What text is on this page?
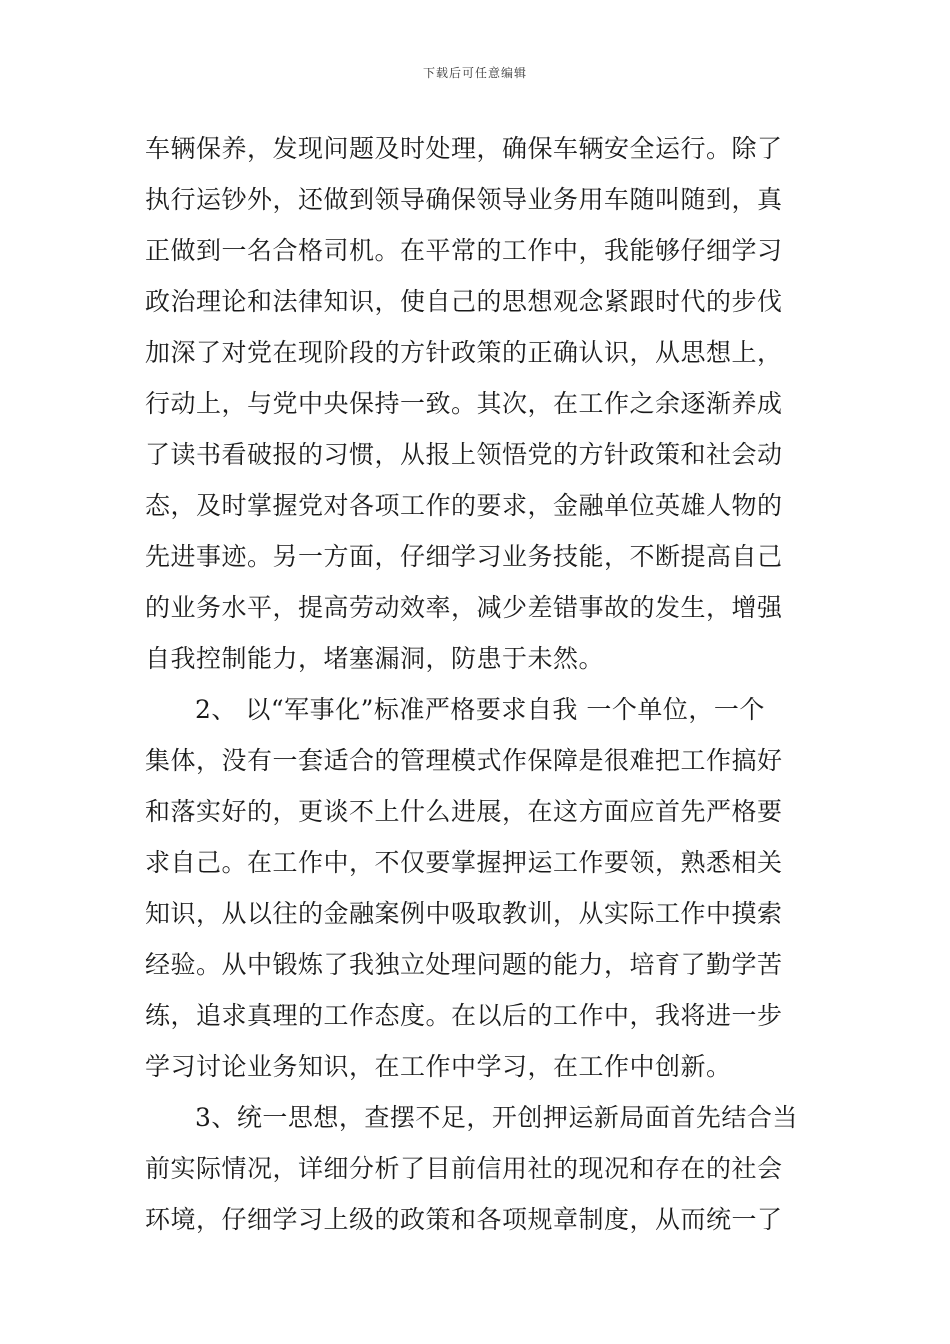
下载后可任意编辑
车辆保养，发现问题及时处理，确保车辆安全运行。除了
执行运钞外，还做到领导确保领导业务用车随叫随到，真
正做到一名合格司机。在平常的工作中，我能够仔细学习
政治理论和法律知识，使自己的思想观念紧跟时代的步伐
加深了对党在现阶段的方针政策的正确认识，从思想上，
行动上，与党中央保持一致。其次，在工作之余逐渐养成
了读书看破报的习惯，从报上领悟党的方针政策和社会动
态，及时掌握党对各项工作的要求，金融单位英雄人物的
先进事迹。另一方面，仔细学习业务技能，不断提高自己
的业务水平，提高劳动效率，减少差错事故的发生，增强
自我控制能力，堵塞漏洞，防患于未然。
2、 以“军事化”标准严格要求自我 一个单位，一个
集体，没有一套适合的管理模式作保障是很难把工作搞好
和落实好的，更谈不上什么进展，在这方面应首先严格要
求自己。在工作中，不仅要掌握押运工作要领，熟悉相关
知识，从以往的金融案例中吸取教训，从实际工作中摸索
经验。从中锻炼了我独立处理问题的能力，培育了勤学苦
练，追求真理的工作态度。在以后的工作中，我将进一步
学习讨论业务知识，在工作中学习，在工作中创新。
3、统一思想，查摆不足，开创押运新局面首先结合当
前实际情况，详细分析了目前信用社的现况和存在的社会
环境，仔细学习上级的政策和各项规章制度，从而统一了
